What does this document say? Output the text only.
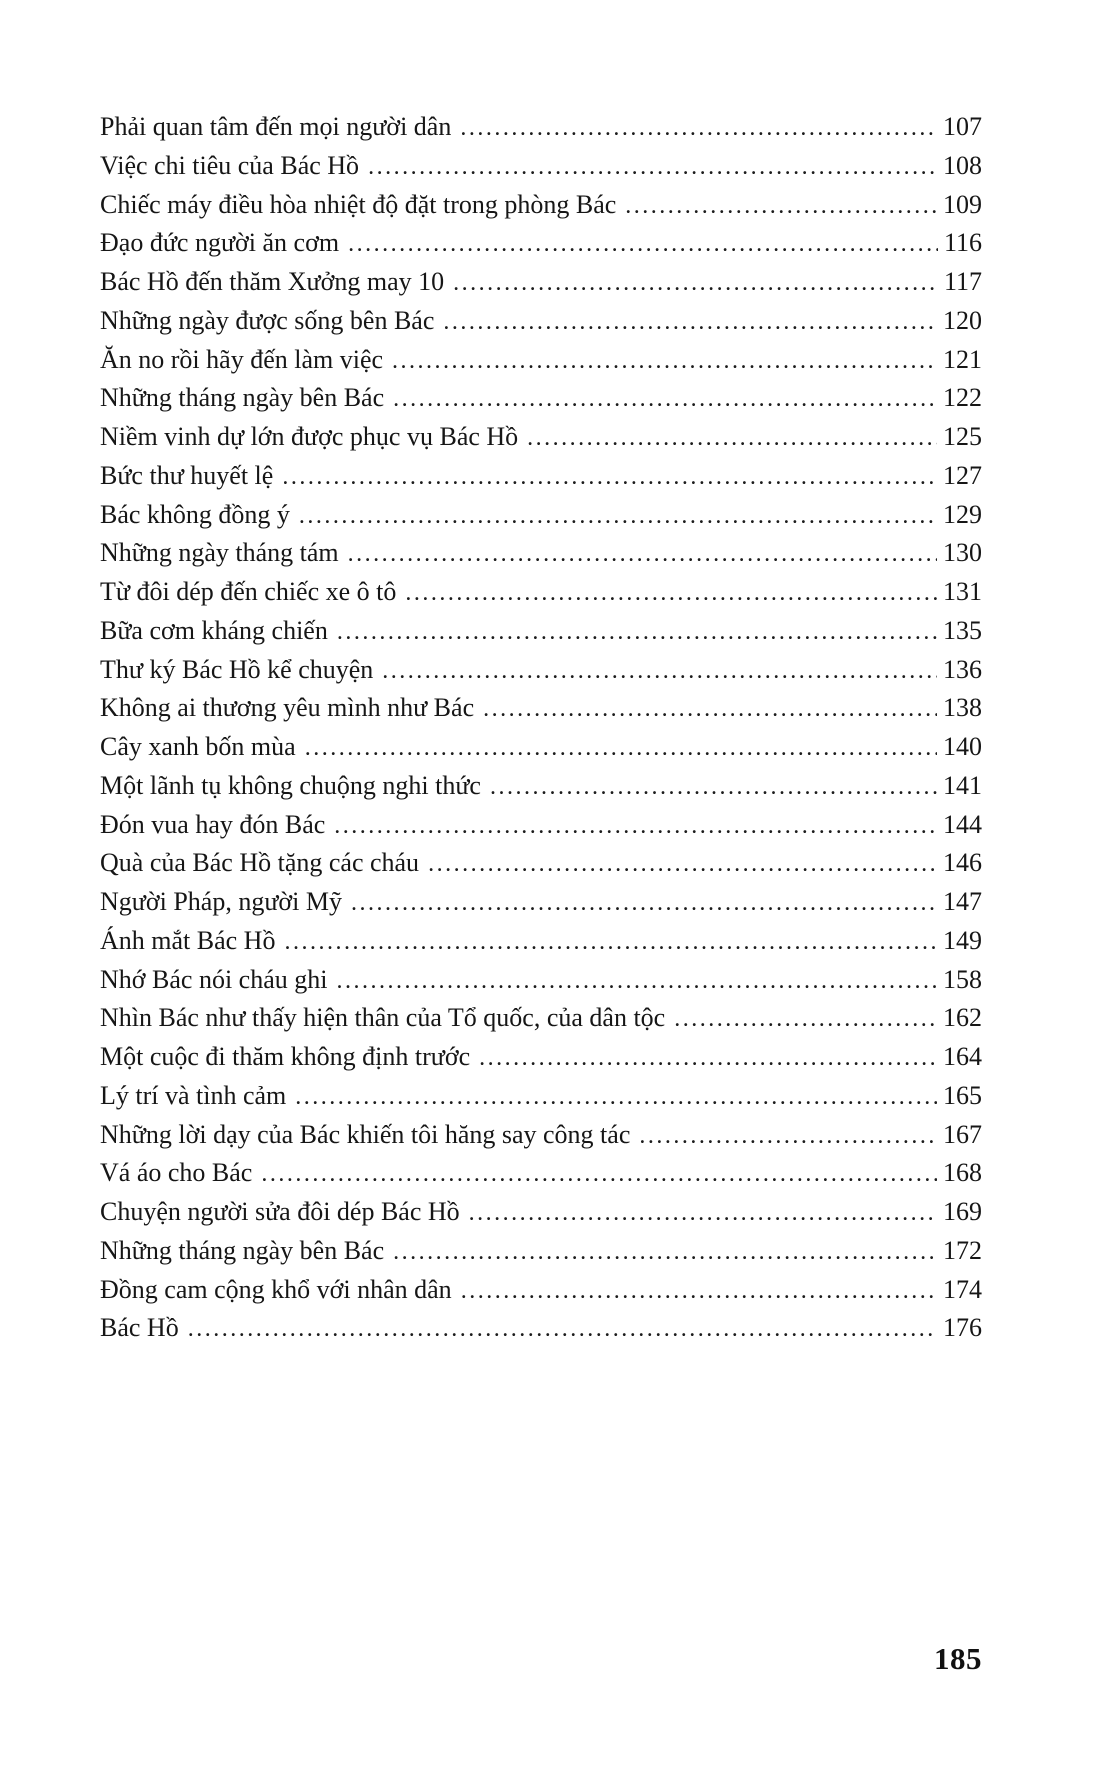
Phải quan tâm đến mọi người dân .....	107
Việc chi tiêu của Bác Hồ .....	108
Chiếc máy điều hòa nhiệt độ đặt trong phòng Bác .....	109
Đạo đức người ăn cơm .....	116
Bác Hồ đến thăm Xưởng may 10 .....	117
Những ngày được sống bên Bác .....	120
Ăn no rồi hãy đến làm việc .....	121
Những tháng ngày bên Bác .....	122
Niềm vinh dự lớn được phục vụ Bác Hồ .....	125
Bức thư huyết lệ .....	127
Bác không đồng ý .....	129
Những ngày tháng tám .....	130
Từ đôi dép đến chiếc xe ô tô .....	131
Bữa cơm kháng chiến .....	135
Thư ký Bác Hồ kể chuyện .....	136
Không ai thương yêu mình như Bác .....	138
Cây xanh bốn mùa .....	140
Một lãnh tụ không chuộng nghi thức .....	141
Đón vua hay đón Bác .....	144
Quà của Bác Hồ tặng các cháu .....	146
Người Pháp, người Mỹ .....	147
Ánh mắt Bác Hồ .....	149
Nhớ Bác nói cháu ghi .....	158
Nhìn Bác như thấy hiện thân của Tổ quốc, của dân tộc .....	162
Một cuộc đi thăm không định trước .....	164
Lý trí và tình cảm .....	165
Những lời dạy của Bác khiến tôi hăng say công tác .....	167
Vá áo cho Bác .....	168
Chuyện người sửa đôi dép Bác Hồ .....	169
Những tháng ngày bên Bác .....	172
Đồng cam cộng khổ với nhân dân .....	174
Bác Hồ .....	176
185
